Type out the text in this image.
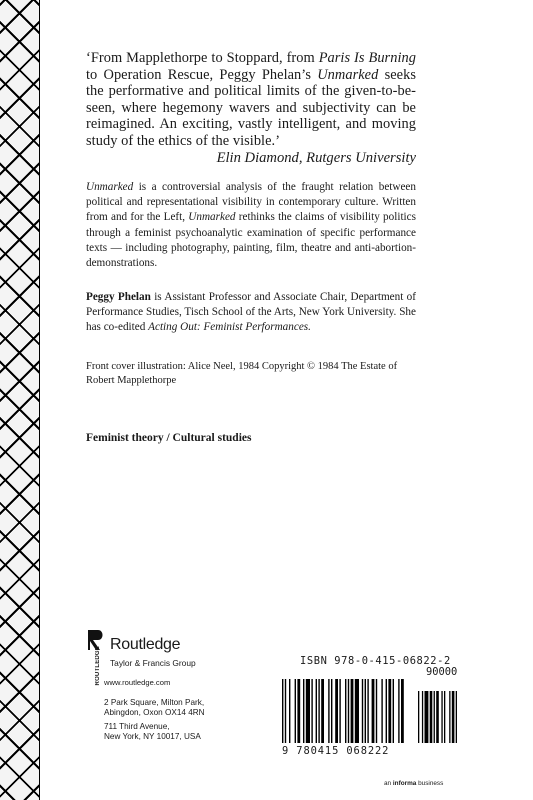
‘From Mapplethorpe to Stoppard, from Paris Is Burning to Operation Rescue, Peggy Phelan’s Unmarked seeks the performative and political limits of the given-to-be-seen, where hegemony wavers and subjectivity can be reimagined. An exciting, vastly intelligent, and moving study of the ethics of the visible.’

Elin Diamond, Rutgers University

Unmarked is a controversial analysis of the fraught relation between political and representational visibility in contemporary culture. Written from and for the Left, Unmarked rethinks the claims of visibility politics through a feminist psychoanalytic examination of specific performance texts — including photography, painting, film, theatre and anti-abortion-demonstrations.

Peggy Phelan is Assistant Professor and Associate Chair, Department of Performance Studies, Tisch School of the Arts, New York University. She has co-edited Acting Out: Feminist Performances.

Front cover illustration: Alice Neel, 1984 Copyright © 1984 The Estate of Robert Mapplethorpe

Feminist theory / Cultural studies

ROUTLEDGE
Routledge
Taylor & Francis Group
www.routledge.com
2 Park Square, Milton Park,
Abingdon, Oxon OX14 4RN
711 Third Avenue,
New York, NY 10017, USA
ISBN 978-0-415-06822-2
90000
9 780415 068222
an informa business
